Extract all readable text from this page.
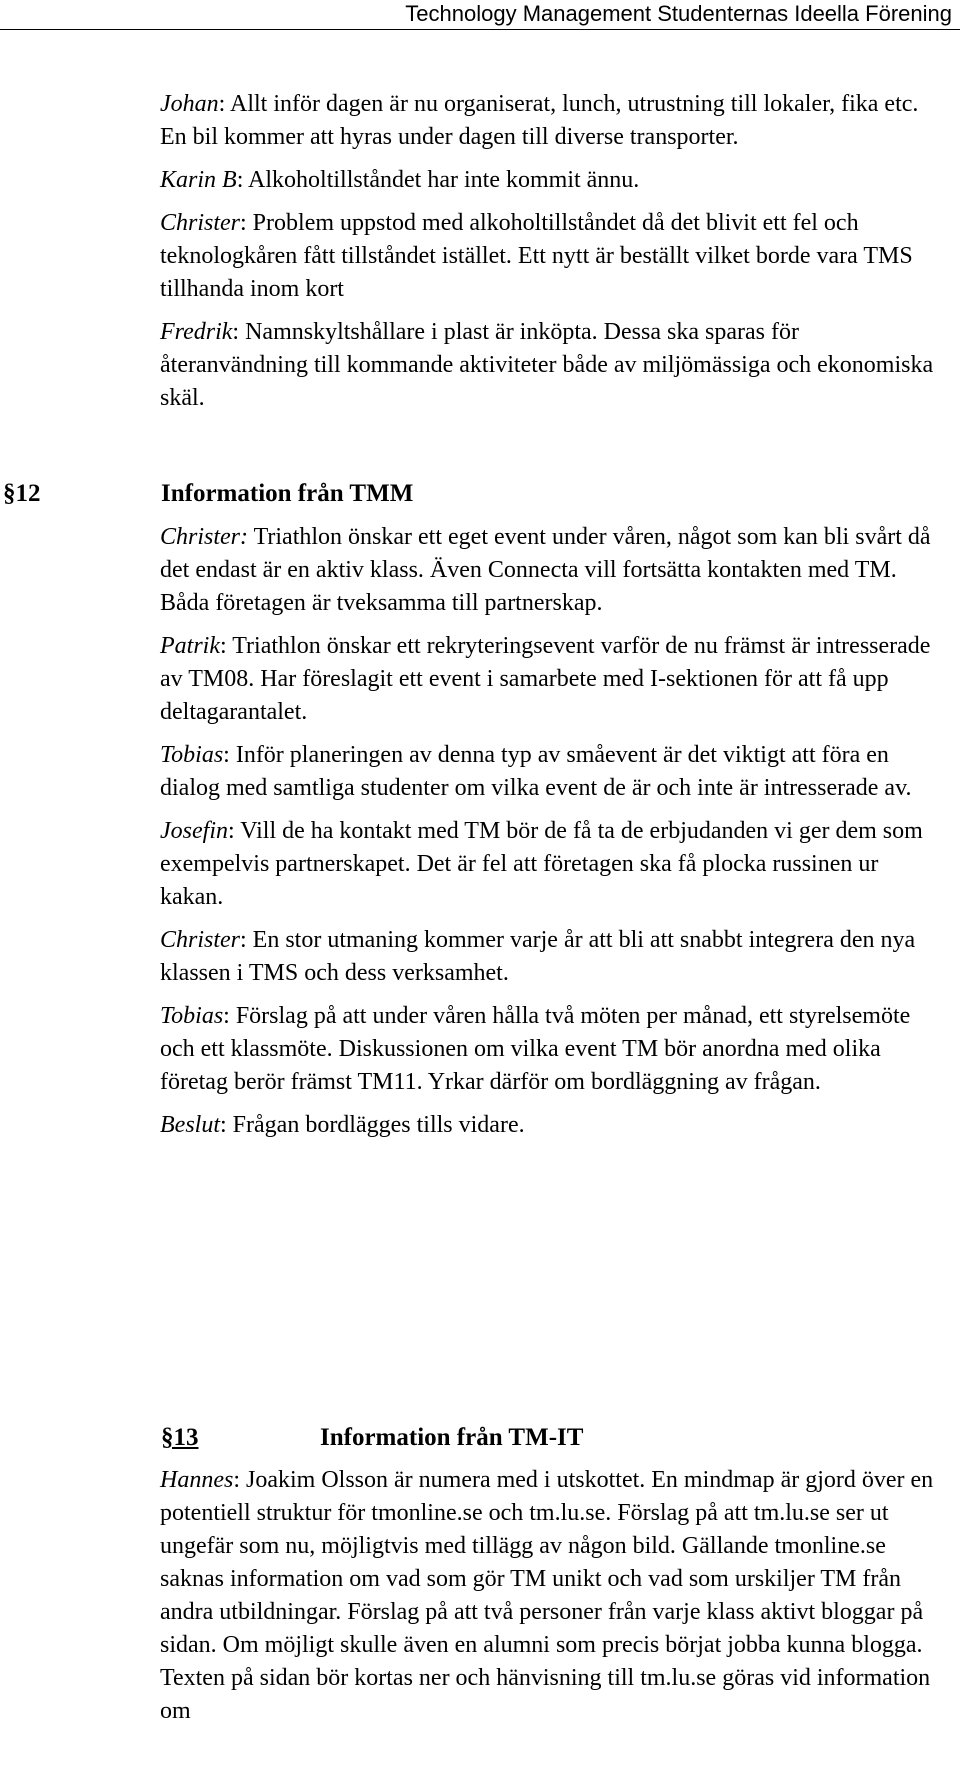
Technology Management Studenternas Ideella Förening

Johan: Allt inför dagen är nu organiserat, lunch, utrustning till lokaler, fika etc. En bil kommer att hyras under dagen till diverse transporter.

Karin B: Alkoholtillståndet har inte kommit ännu.

Christer: Problem uppstod med alkoholtillståndet då det blivit ett fel och teknologkåren fått tillståndet istället. Ett nytt är beställt vilket borde vara TMS tillhanda inom kort

Fredrik: Namnskyltshållare i plast är inköpta. Dessa ska sparas för återanvändning till kommande aktiviteter både av miljömässiga och ekonomiska skäl.

§12	Information från TMM

Christer: Triathlon önskar ett eget event under våren, något som kan bli svårt då det endast är en aktiv klass. Även Connecta vill fortsätta kontakten med TM. Båda företagen är tveksamma till partnerskap.

Patrik: Triathlon önskar ett rekryteringsevent varför de nu främst är intresserade av TM08. Har föreslagit ett event i samarbete med I-sektionen för att få upp deltagarantalet.

Tobias: Inför planeringen av denna typ av småevent är det viktigt att föra en dialog med samtliga studenter om vilka event de är och inte är intresserade av.

Josefin: Vill de ha kontakt med TM bör de få ta de erbjudanden vi ger dem som exempelvis partnerskapet. Det är fel att företagen ska få plocka russinen ur kakan.

Christer: En stor utmaning kommer varje år att bli att snabbt integrera den nya klassen i TMS och dess verksamhet.

Tobias: Förslag på att under våren hålla två möten per månad, ett styrelsemöte och ett klassmöte. Diskussionen om vilka event TM bör anordna med olika företag berör främst TM11. Yrkar därför om bordläggning av frågan.

Beslut: Frågan bordlägges tills vidare.

§13	Information från TM-IT

Hannes: Joakim Olsson är numera med i utskottet. En mindmap är gjord över en potentiell struktur för tmonline.se och tm.lu.se. Förslag på att tm.lu.se ser ut ungefär som nu, möjligtvis med tillägg av någon bild. Gällande tmonline.se saknas information om vad som gör TM unikt och vad som urskiljer TM från andra utbildningar. Förslag på att två personer från varje klass aktivt bloggar på sidan. Om möjligt skulle även en alumni som precis börjat jobba kunna blogga. Texten på sidan bör kortas ner och hänvisning till tm.lu.se göras vid information om
